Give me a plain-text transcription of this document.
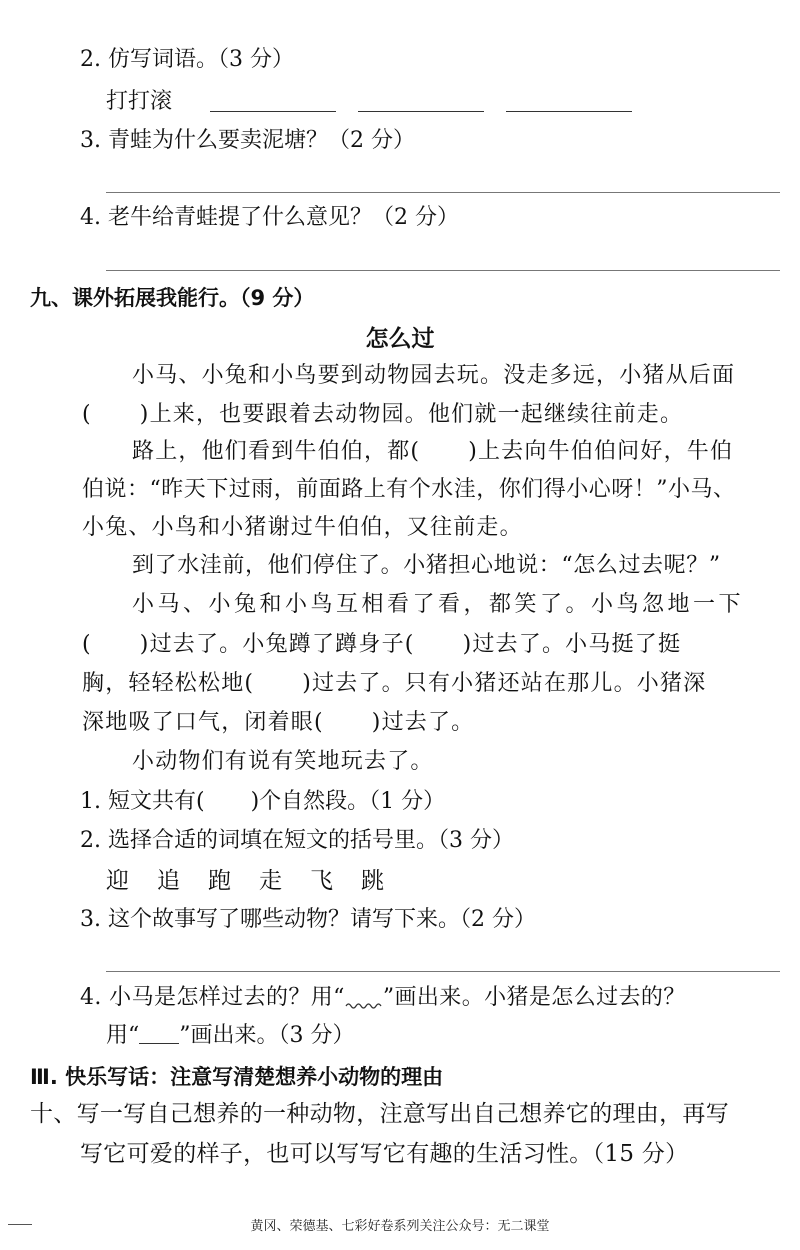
2. 仿写词语。（3 分）
打打滚
3. 青蛙为什么要卖泥塘？（2 分）
4. 老牛给青蛙提了什么意见？（2 分）
九、课外拓展我能行。（9 分）
怎么过
小马、小兔和小鸟要到动物园去玩。没走多远，小猪从后面
( )上来，也要跟着去动物园。他们就一起继续往前走。
路上，他们看到牛伯伯，都( )上去向牛伯伯问好，牛伯
伯说：“昨天下过雨，前面路上有个水洼，你们得小心呀！”小马、
小兔、小鸟和小猪谢过牛伯伯，又往前走。
到了水洼前，他们停住了。小猪担心地说：“怎么过去呢？”
小马、小兔和小鸟互相看了看，都笑了。小鸟忽地一下
( )过去了。小兔蹲了蹲身子( )过去了。小马挺了挺
胸，轻轻松松地( )过去了。只有小猪还站在那儿。小猪深
深地吸了口气，闭着眼( )过去了。
小动物们有说有笑地玩去了。
1. 短文共有( )个自然段。（1 分）
2. 选择合适的词填在短文的括号里。（3 分）
迎 追 跑 走 飞 跳
3. 这个故事写了哪些动物？请写下来。（2 分）
4. 小马是怎样过去的？用“ ”画出来。小猪是怎么过去的？
用“ ”画出来。（3 分）
Ⅲ. 快乐写话：注意写清楚想养小动物的理由
十、写一写自己想养的一种动物，注意写出自己想养它的理由，再写
写它可爱的样子，也可以写写它有趣的生活习性。（15 分）
黄冈、荣德基、七彩好卷系列关注公众号：无二课堂
